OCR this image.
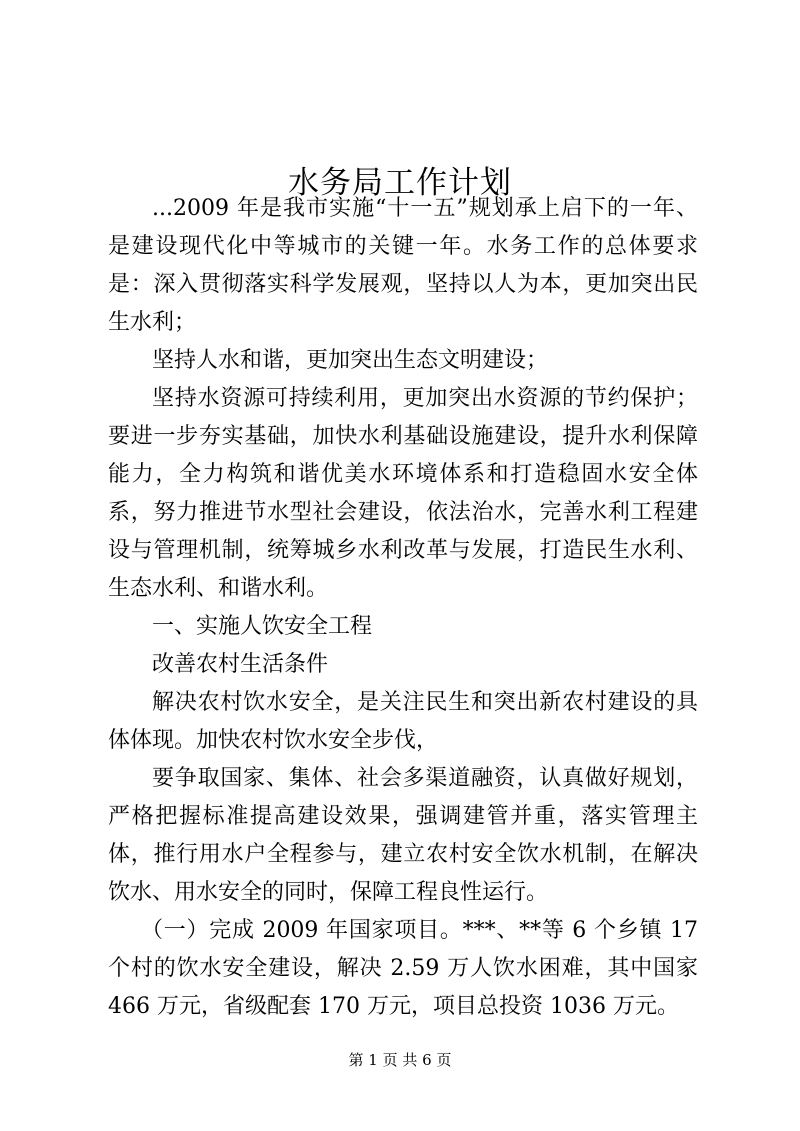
水务局工作计划

...2009 年是我市实施“十一五”规划承上启下的一年、是建设现代化中等城市的关键一年。水务工作的总体要求是：深入贯彻落实科学发展观，坚持以人为本，更加突出民生水利；

坚持人水和谐，更加突出生态文明建设；

坚持水资源可持续利用，更加突出水资源的节约保护；要进一步夯实基础，加快水利基础设施建设，提升水利保障能力，全力构筑和谐优美水环境体系和打造稳固水安全体系，努力推进节水型社会建设，依法治水，完善水利工程建设与管理机制，统筹城乡水利改革与发展，打造民生水利、生态水利、和谐水利。

一、实施人饮安全工程

改善农村生活条件

解决农村饮水安全，是关注民生和突出新农村建设的具体体现。加快农村饮水安全步伐，

要争取国家、集体、社会多渠道融资，认真做好规划，严格把握标准提高建设效果，强调建管并重，落实管理主体，推行用水户全程参与，建立农村安全饮水机制，在解决饮水、用水安全的同时，保障工程良性运行。

（一）完成 2009 年国家项目。***、**等 6 个乡镇 17 个村的饮水安全建设，解决 2.59 万人饮水困难，其中国家 466 万元，省级配套 170 万元，项目总投资 1036 万元。

第 1 页 共 6 页
